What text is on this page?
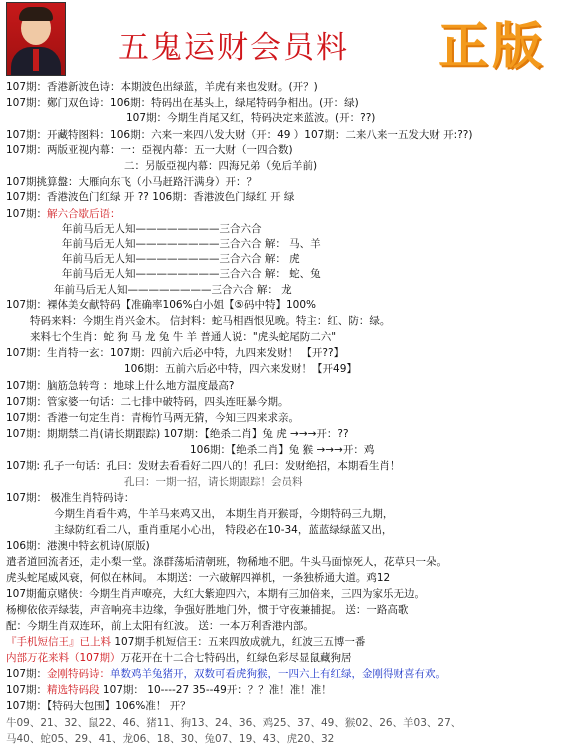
五鬼运财会员料 正版
107期：香港新波色诗：本期波色出绿蓝，羊虎有来也发财。(开？)
107期：鄭门双色诗：106期：特码出在基头上，绿尾特码争相出。(开：绿)
107期：今期生肖尾又红，特码决定来蓝波。(开：??)
107期：开藏特图料：106期：六来一来四八发大财（开：49 ）107期：二来八来一五发大财 开:??)
107期：两版亚视内幕：一：亞视内幕：五一大财（一四合数)
二：另版亞视内幕：四海兄弟（免后羊前)
107期挑算盤：大雁向东飞（小马赶路汗满身）开：？
107期：香港波色门红绿 开 ?? 106期：香港波色门绿红 开 绿
107期：解六合歇后语：
年前马后无人知————————三合六合
年前马后无人知————————三合六合 解： 马、羊
年前马后无人知————————三合六合 解： 虎
年前马后无人知————————三合六合 解： 蛇、兔
年前马后无人知————————三合六合 解： 龙
107期：裸体美女献特码【准确率106%白小姐【⑤码中特】100%
特码来料：今期生肖兴金木。 信封料：蛇马相酉恨见晚。特主：红、防：绿。
来料七个生肖：蛇 狗 马 龙 兔 牛 羊 普通人说："虎头蛇尾防二六"
107期：生肖特一玄：107期：四前六后必中特，九四来发财！ 【开??】
106期：五前六后必中特，四六来发财！【开49】
107期：脑筋急转弯 ：地球上什么地方温度最高?
107期：管家婆一句话：二七排中破特码，四头连旺暴今期。
107期：香港一句定生肖：青梅竹马两无猜，今知三四来求亲。
107期：期期禁二肖(请长期跟踪) 107期：【绝杀二肖】兔 虎 →→→开：??
106期：【绝杀二肖】兔 猴 →→→开：鸡
107期: 孔子一句话：孔曰：发财去看看好二四八的！孔曰：发财绝招，本期看生肖！
孔曰：一期一招，请长期跟踪！会员料
107期： 极准生肖特码诗：
今期生肖看牛鸡，牛羊马来鸡又出， 本期生肖开猴哥，今期特码三九期，
主绿防红看二八，重肖重尾小心出， 特段必在10-34，蓝蓝绿绿蓝又出，
106期：港澳中特玄机诗(原版)
遣者道回流者还，走小梨一堂。涤群荡垢清朝班，物稀地不肥。牛头马面惊死人，花草只一朵。
虎头蛇尾威风衰，何似在林间。 本期送：一六破解四禅机，一条独桥通大道。鸡12
107期葡京赌侠：今期生肖声嘹亮，大红大紫迎四六，本期有三加倍来，三四为家乐无边。
杨柳依依弄绿装，声音响亮丰边缘，争强好胜地门外，惯于守夜兼捕捉。 送：一路高歌
配：今期生肖双连环，前上太阳有红波。 送：一本万利香港内部。
『手机短信王』已上料 107期手机短信王：五来四放成就九，红波三五博一番
内部万花来料（107期）万花开在十二合七特码出，红绿色彩尽显鼠藏狗居
107期：金刚特码诗：单数鸡羊兔猪开，双数可看虎狗猴，一四六上有红绿，金刚得财喜有欢。
107期：精选特码段 107期： 10----27 35--49开：？？准！准！准！
107期：【特码大包围】106%准！ 开？
牛09、21、32、鼠22、46、猪11、狗13、24、36、鸡25、37、49、猴02、26、羊03、27、
马40、蛇05、29、41、龙06、18、30、兔07、19、43、虎20、32
